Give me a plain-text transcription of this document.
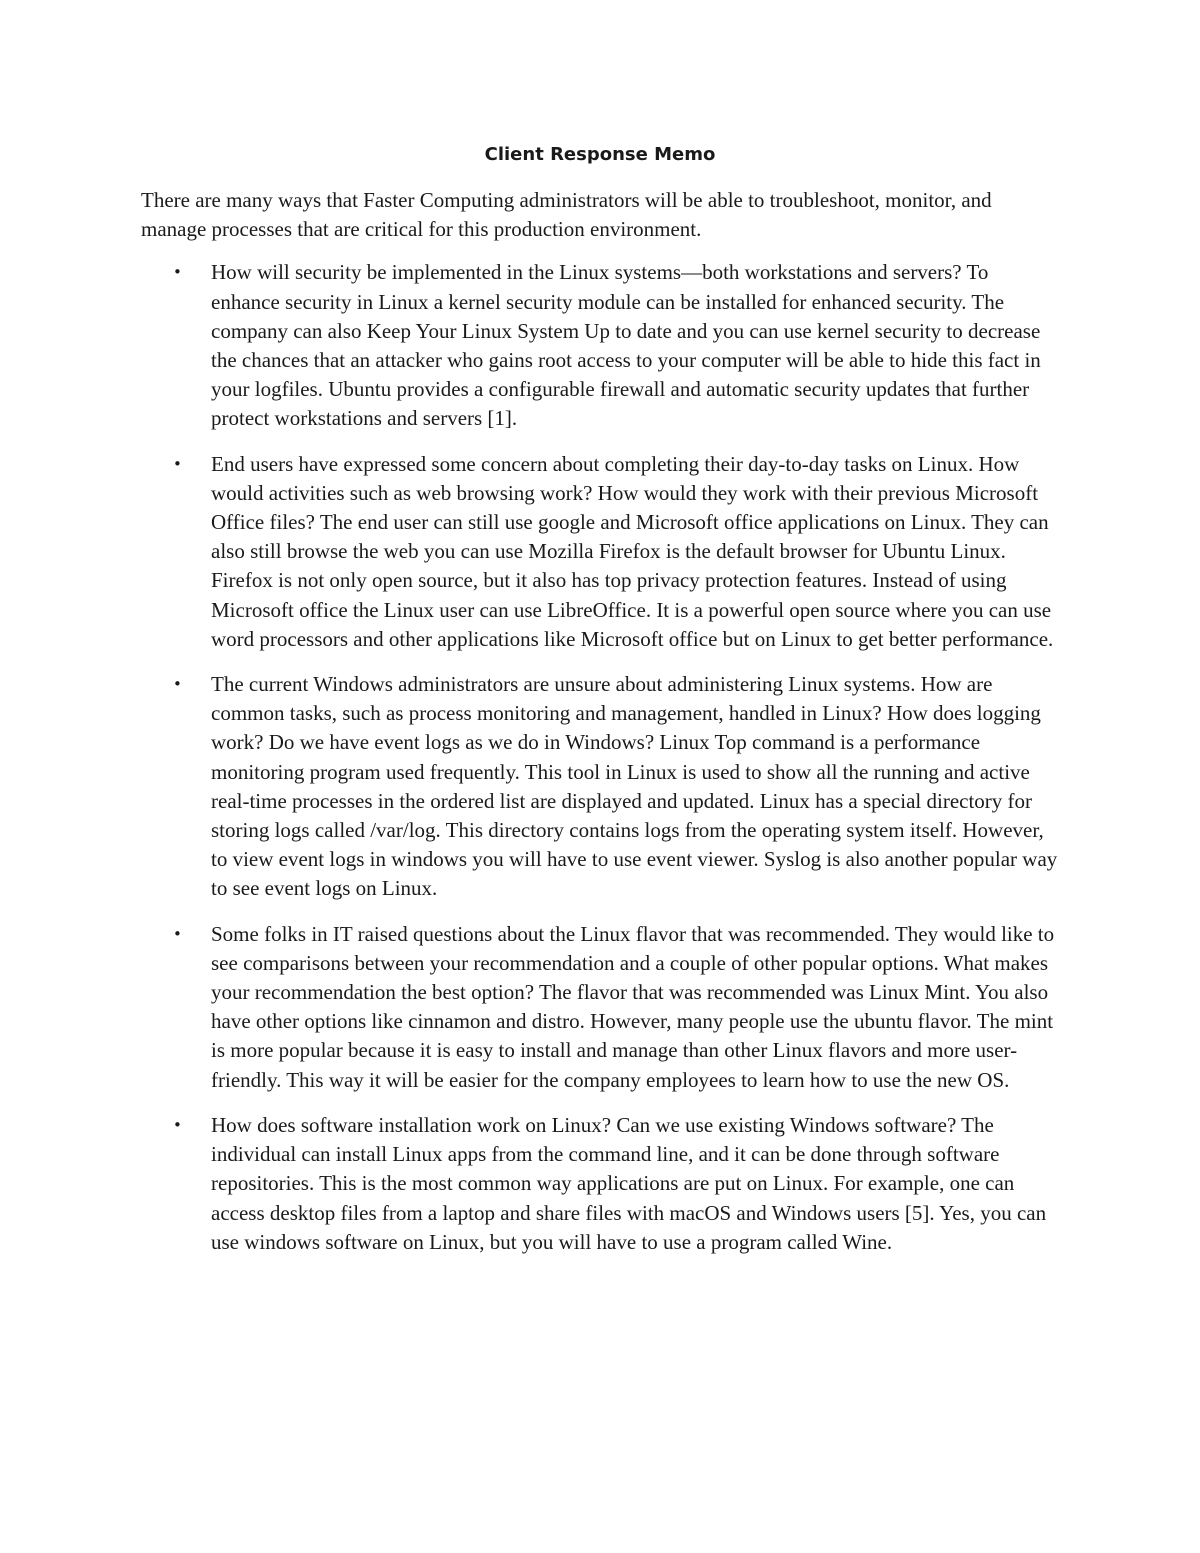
Client Response Memo

There are many ways that Faster Computing administrators will be able to troubleshoot, monitor, and manage processes that are critical for this production environment.

• How will security be implemented in the Linux systems—both workstations and servers? To enhance security in Linux a kernel security module can be installed for enhanced security. The company can also Keep Your Linux System Up to date and you can use kernel security to decrease the chances that an attacker who gains root access to your computer will be able to hide this fact in your logfiles. Ubuntu provides a configurable firewall and automatic security updates that further protect workstations and servers [1].
• End users have expressed some concern about completing their day-to-day tasks on Linux. How would activities such as web browsing work? How would they work with their previous Microsoft Office files? The end user can still use google and Microsoft office applications on Linux. They can also still browse the web you can use Mozilla Firefox is the default browser for Ubuntu Linux. Firefox is not only open source, but it also has top privacy protection features. Instead of using Microsoft office the Linux user can use LibreOffice. It is a powerful open source where you can use word processors and other applications like Microsoft office but on Linux to get better performance.
• The current Windows administrators are unsure about administering Linux systems. How are common tasks, such as process monitoring and management, handled in Linux? How does logging work? Do we have event logs as we do in Windows? Linux Top command is a performance monitoring program used frequently. This tool in Linux is used to show all the running and active real-time processes in the ordered list are displayed and updated. Linux has a special directory for storing logs called /var/log. This directory contains logs from the operating system itself. However, to view event logs in windows you will have to use event viewer. Syslog is also another popular way to see event logs on Linux.
• Some folks in IT raised questions about the Linux flavor that was recommended. They would like to see comparisons between your recommendation and a couple of other popular options. What makes your recommendation the best option? The flavor that was recommended was Linux Mint. You also have other options like cinnamon and distro. However, many people use the ubuntu flavor. The mint is more popular because it is easy to install and manage than other Linux flavors and more user-friendly. This way it will be easier for the company employees to learn how to use the new OS.
• How does software installation work on Linux? Can we use existing Windows software? The individual can install Linux apps from the command line, and it can be done through software repositories. This is the most common way applications are put on Linux. For example, one can access desktop files from a laptop and share files with macOS and Windows users [5]. Yes, you can use windows software on Linux, but you will have to use a program called Wine.
